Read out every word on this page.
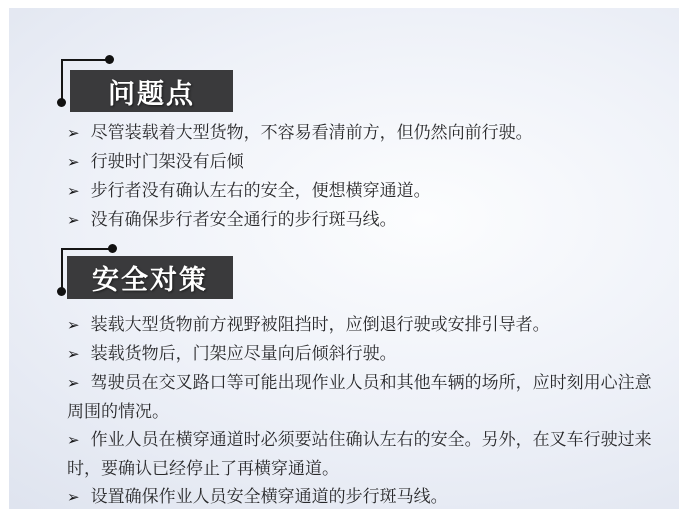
问题点

➢ 尽管装载着大型货物，不容易看清前方，但仍然向前行驶。

➢ 行驶时门架没有后倾

➢ 步行者没有确认左右的安全，便想横穿通道。

➢ 没有确保步行者安全通行的步行斑马线。

安全对策

➢ 装载大型货物前方视野被阻挡时，应倒退行驶或安排引导者。

➢ 装载货物后，门架应尽量向后倾斜行驶。

➢ 驾驶员在交叉路口等可能出现作业人员和其他车辆的场所，应时刻用心注意周围的情况。

➢ 作业人员在横穿通道时必须要站住确认左右的安全。另外，在叉车行驶过来时，要确认已经停止了再横穿通道。

➢ 设置确保作业人员安全横穿通道的步行斑马线。
